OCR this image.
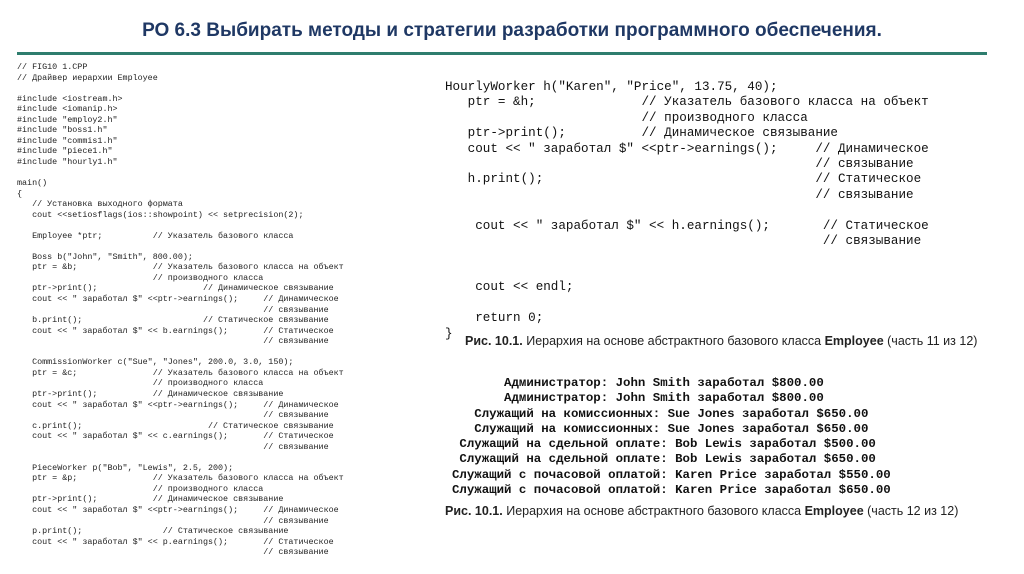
РО 6.3 Выбирать методы и стратегии разработки программного обеспечения.
// FIG10 1.CPP
// Драйвер иерархии Employee

#include <iostream.h>
#include <iomanip.h>
#include "employ2.h"
#include "boss1.h"
#include "commis1.h"
#include "piece1.h"
#include "hourly1.h"

main()
{
// Установка выходного формата
cout <<setiosflags(ios::showpoint) << setprecision(2);

Employee *ptr;          // Указатель базового класса

Boss b("John", "Smith", 800.00);
ptr = &b;               // Указатель базового класса на объект
// производного класса
ptr->print();                     // Динамическое связывание
cout << " заработал $" <<ptr->earnings();     // Динамическое
// связывание
b.print();                        // Статическое связывание
cout << " заработал $" << b.earnings();       // Статическое
// связывание

CommissionWorker c("Sue", "Jones", 200.0, 3.0, 150);
ptr = &c;               // Указатель базового класса на объект
// производного класса
ptr->print();           // Динамическое связывание
cout << " заработал $" <<ptr->earnings();     // Динамическое
// связывание
c.print();                         // Статическое связывание
cout << " заработал $" << c.earnings();       // Статическое
// связывание

PieceWorker p("Bob", "Lewis", 2.5, 200);
ptr = &p;               // Указатель базового класса на объект
// производного класса
ptr->print();           // Динамическое связывание
cout << " заработал $" <<ptr->earnings();     // Динамическое
// связывание
p.print();                // Статическое связывание
cout << " заработал $" << p.earnings();       // Статическое
// связывание
HourlyWorker h("Karen", "Price", 13.75, 40);
ptr = &h;              // Указатель базового класса на объект
// производного класса
ptr->print();          // Динамическое связывание
cout << " заработал $" <<ptr->earnings();     // Динамическое
// связывание
h.print();                                    // Статическое
// связывание

cout << " заработал $" << h.earnings();       // Статическое
// связывание

cout << endl;

return 0;
}
Рис. 10.1. Иерархия на основе абстрактного базового класса Employee (часть 11 из 12)
Администратор: John Smith заработал $800.00
Администратор: John Smith заработал $800.00
Служащий на комиссионных: Sue Jones заработал $650.00
Служащий на комиссионных: Sue Jones заработал $650.00
Служащий на сдельной оплате: Bob Lewis заработал $500.00
Служащий на сдельной оплате: Bob Lewis заработал $650.00
Служащий с почасовой оплатой: Karen Price заработал $550.00
Служащий с почасовой оплатой: Karen Price заработал $650.00
Рис. 10.1. Иерархия на основе абстрактного базового класса Employee (часть 12 из 12)
